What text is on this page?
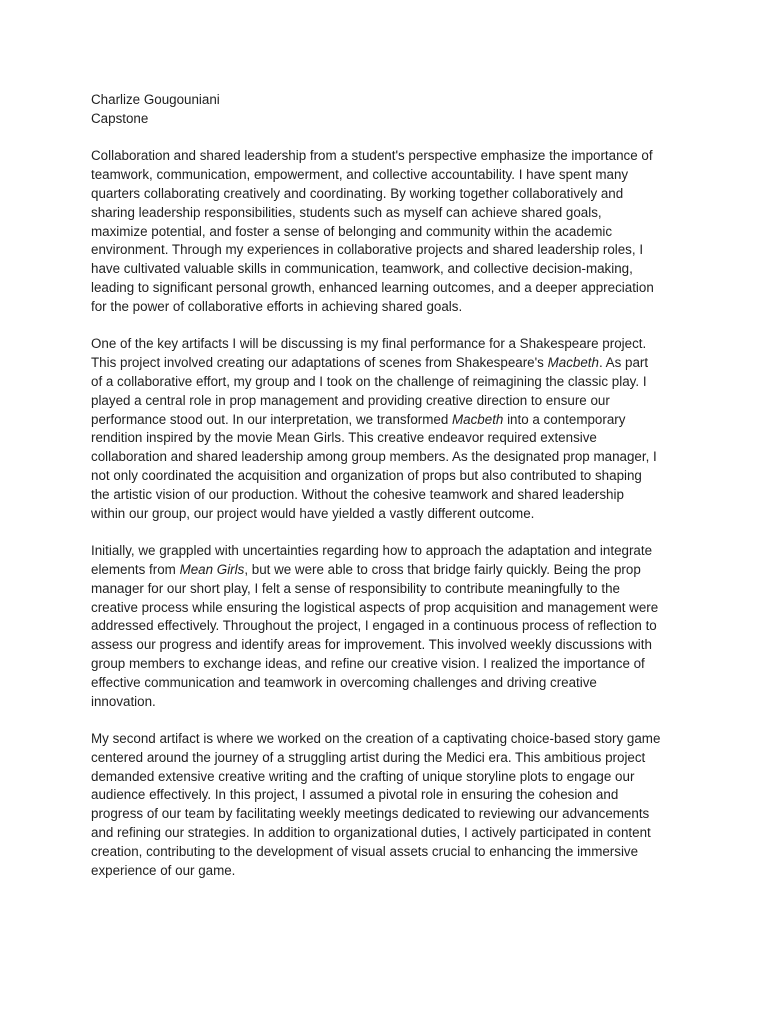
Charlize Gougouniani

Capstone

Collaboration and shared leadership from a student's perspective emphasize the importance of
teamwork, communication, empowerment, and collective accountability. I have spent many
quarters collaborating creatively and coordinating. By working together collaboratively and
sharing leadership responsibilities, students such as myself can achieve shared goals,
maximize potential, and foster a sense of belonging and community within the academic
environment. Through my experiences in collaborative projects and shared leadership roles, I
have cultivated valuable skills in communication, teamwork, and collective decision-making,
leading to significant personal growth, enhanced learning outcomes, and a deeper appreciation
for the power of collaborative efforts in achieving shared goals.

One of the key artifacts I will be discussing is my final performance for a Shakespeare project.
This project involved creating our adaptations of scenes from Shakespeare's Macbeth. As part
of a collaborative effort, my group and I took on the challenge of reimagining the classic play. I
played a central role in prop management and providing creative direction to ensure our
performance stood out. In our interpretation, we transformed Macbeth into a contemporary
rendition inspired by the movie Mean Girls. This creative endeavor required extensive
collaboration and shared leadership among group members. As the designated prop manager, I
not only coordinated the acquisition and organization of props but also contributed to shaping
the artistic vision of our production. Without the cohesive teamwork and shared leadership
within our group, our project would have yielded a vastly different outcome.

Initially, we grappled with uncertainties regarding how to approach the adaptation and integrate
elements from Mean Girls, but we were able to cross that bridge fairly quickly. Being the prop
manager for our short play, I felt a sense of responsibility to contribute meaningfully to the
creative process while ensuring the logistical aspects of prop acquisition and management were
addressed effectively. Throughout the project, I engaged in a continuous process of reflection to
assess our progress and identify areas for improvement. This involved weekly discussions with
group members to exchange ideas, and refine our creative vision. I realized the importance of
effective communication and teamwork in overcoming challenges and driving creative
innovation.

My second artifact is where we worked on the creation of a captivating choice-based story game
centered around the journey of a struggling artist during the Medici era. This ambitious project
demanded extensive creative writing and the crafting of unique storyline plots to engage our
audience effectively. In this project, I assumed a pivotal role in ensuring the cohesion and
progress of our team by facilitating weekly meetings dedicated to reviewing our advancements
and refining our strategies. In addition to organizational duties, I actively participated in content
creation, contributing to the development of visual assets crucial to enhancing the immersive
experience of our game.
